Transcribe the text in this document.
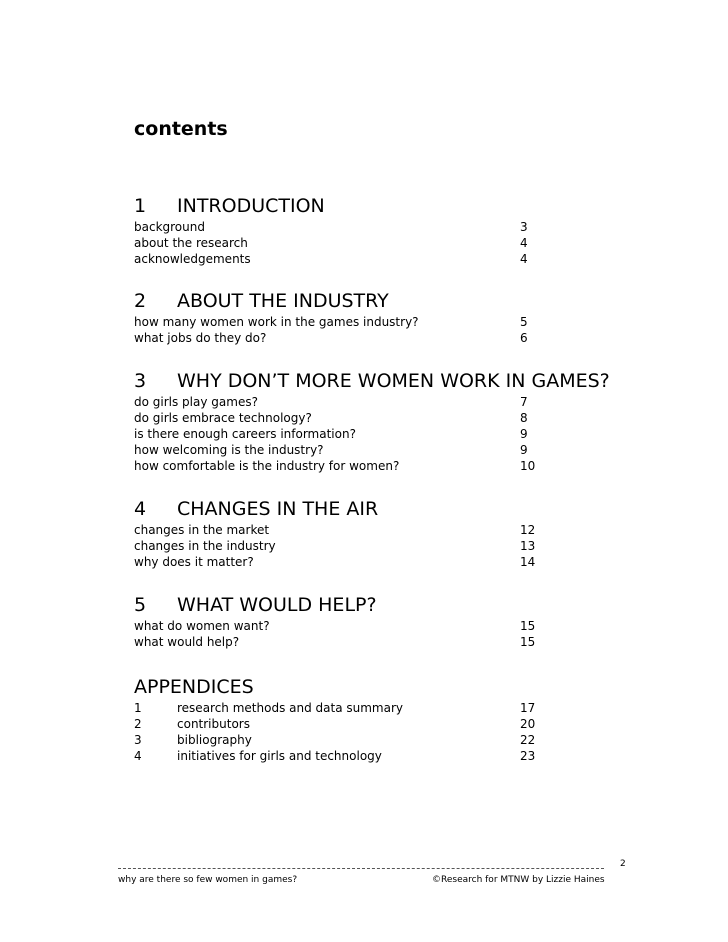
contents
1 INTRODUCTION
background	3
about the research	4
acknowledgements	4
2 ABOUT THE INDUSTRY
how many women work in the games industry?	5
what jobs do they do?	6
3 WHY DON’T MORE WOMEN WORK IN GAMES?
do girls play games?	7
do girls embrace technology?	8
is there enough careers information?	9
how welcoming is the industry?	9
how comfortable is the industry for women?	10
4 CHANGES IN THE AIR
changes in the market	12
changes in the industry	13
why does it matter?	14
5 WHAT WOULD HELP?
what do women want?	15
what would help?	15
APPENDICES
1	research methods and data summary	17
2	contributors	20
3	bibliography	22
4	initiatives for girls and technology	23
2
why are there so few women in games?	©Research for MTNW by Lizzie Haines
